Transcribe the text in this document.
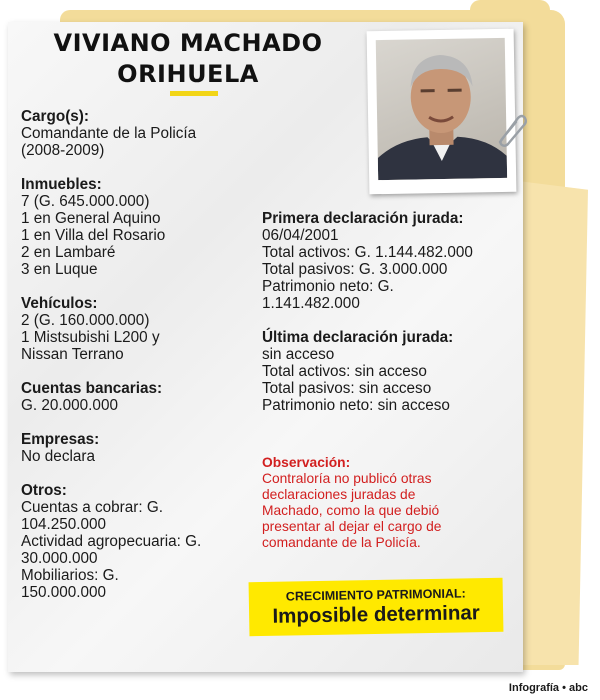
VIVIANO MACHADO
ORIHUELA
Cargo(s):
Comandante de la Policía
(2008-2009)
Inmuebles:
7 (G. 645.000.000)
1 en General Aquino
1 en Villa del Rosario
2 en Lambaré
3 en Luque
Vehículos:
2 (G. 160.000.000)
1 Mistsubishi L200 y
Nissan Terrano
Cuentas bancarias:
G. 20.000.000
Empresas:
No declara
Otros:
Cuentas a cobrar: G.
104.250.000
Actividad agropecuaria: G.
30.000.000
Mobiliarios: G.
150.000.000
Primera declaración jurada:
06/04/2001
Total activos: G. 1.144.482.000
Total pasivos: G. 3.000.000
Patrimonio neto: G.
1.141.482.000
Última declaración jurada:
sin acceso
Total activos: sin acceso
Total pasivos: sin acceso
Patrimonio neto: sin acceso
Observación:
Contraloría no publicó otras
declaraciones juradas de
Machado, como la que debió
presentar al dejar el cargo de
comandante de la Policía.
CRECIMIENTO PATRIMONIAL:
Imposible determinar
Infografía • abc
